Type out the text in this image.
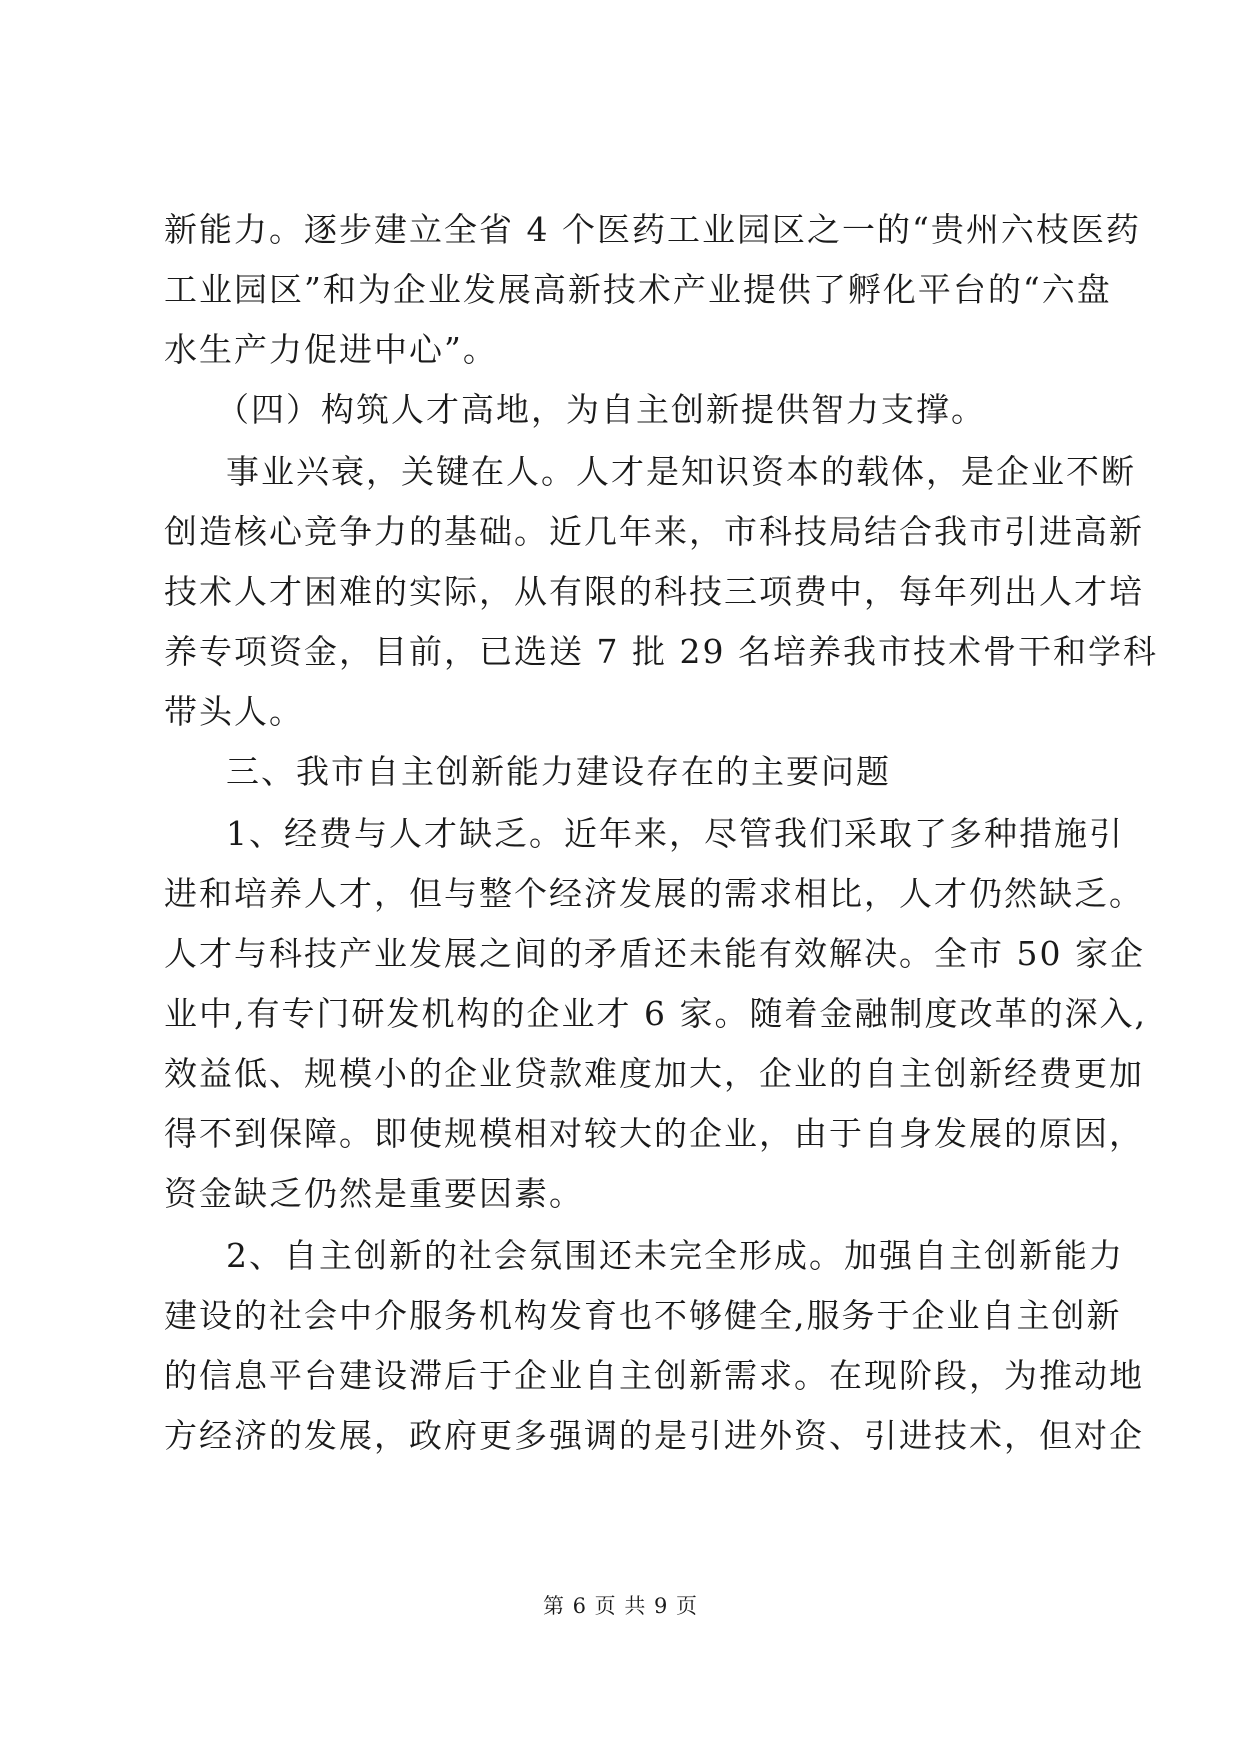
新能力。逐步建立全省 4 个医药工业园区之一的“贵州六枝医药
工业园区”和为企业发展高新技术产业提供了孵化平台的“六盘
水生产力促进中心”。
（四）构筑人才高地，为自主创新提供智力支撑。
事业兴衰，关键在人。人才是知识资本的载体，是企业不断
创造核心竞争力的基础。近几年来，市科技局结合我市引进高新
技术人才困难的实际，从有限的科技三项费中，每年列出人才培
养专项资金，目前，已选送 7 批 29 名培养我市技术骨干和学科
带头人。
三、我市自主创新能力建设存在的主要问题
1、经费与人才缺乏。近年来，尽管我们采取了多种措施引
进和培养人才，但与整个经济发展的需求相比，人才仍然缺乏。
人才与科技产业发展之间的矛盾还未能有效解决。全市 50 家企
业中,有专门研发机构的企业才 6 家。随着金融制度改革的深入,
效益低、规模小的企业贷款难度加大，企业的自主创新经费更加
得不到保障。即使规模相对较大的企业，由于自身发展的原因，
资金缺乏仍然是重要因素。
2、自主创新的社会氛围还未完全形成。加强自主创新能力
建设的社会中介服务机构发育也不够健全,服务于企业自主创新
的信息平台建设滞后于企业自主创新需求。在现阶段，为推动地
方经济的发展，政府更多强调的是引进外资、引进技术，但对企
第 6 页 共 9 页
